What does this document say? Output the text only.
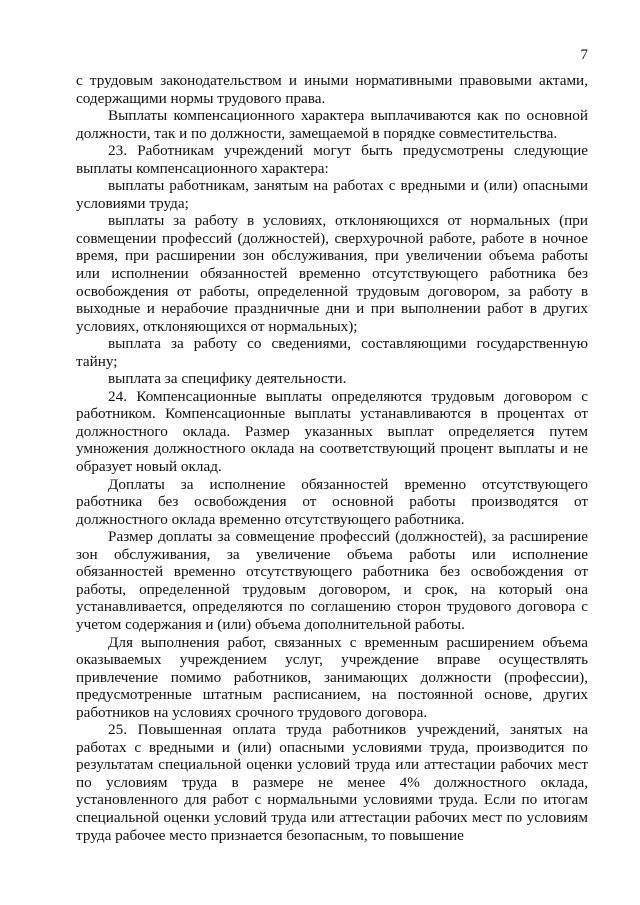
7

с трудовым законодательством и иными нормативными правовыми актами, содержащими нормы трудового права.

Выплаты компенсационного характера выплачиваются как по основной должности, так и по должности, замещаемой в порядке совместительства.

23. Работникам учреждений могут быть предусмотрены следующие выплаты компенсационного характера:

выплаты работникам, занятым на работах с вредными и (или) опасными условиями труда;

выплаты за работу в условиях, отклоняющихся от нормальных (при совмещении профессий (должностей), сверхурочной работе, работе в ночное время, при расширении зон обслуживания, при увеличении объема работы или исполнении обязанностей временно отсутствующего работника без освобождения от работы, определенной трудовым договором, за работу в выходные и нерабочие праздничные дни и при выполнении работ в других условиях, отклоняющихся от нормальных);

выплата за работу со сведениями, составляющими государственную тайну;

выплата за специфику деятельности.

24. Компенсационные выплаты определяются трудовым договором с работником. Компенсационные выплаты устанавливаются в процентах от должностного оклада. Размер указанных выплат определяется путем умножения должностного оклада на соответствующий процент выплаты и не образует новый оклад.

Доплаты за исполнение обязанностей временно отсутствующего работника без освобождения от основной работы производятся от должностного оклада временно отсутствующего работника.

Размер доплаты за совмещение профессий (должностей), за расширение зон обслуживания, за увеличение объема работы или исполнение обязанностей временно отсутствующего работника без освобождения от работы, определенной трудовым договором, и срок, на который она устанавливается, определяются по соглашению сторон трудового договора с учетом содержания и (или) объема дополнительной работы.

Для выполнения работ, связанных с временным расширением объема оказываемых учреждением услуг, учреждение вправе осуществлять привлечение помимо работников, занимающих должности (профессии), предусмотренные штатным расписанием, на постоянной основе, других работников на условиях срочного трудового договора.

25. Повышенная оплата труда работников учреждений, занятых на работах с вредными и (или) опасными условиями труда, производится по результатам специальной оценки условий труда или аттестации рабочих мест по условиям труда в размере не менее 4% должностного оклада, установленного для работ с нормальными условиями труда. Если по итогам специальной оценки условий труда или аттестации рабочих мест по условиям труда рабочее место признается безопасным, то повышение
